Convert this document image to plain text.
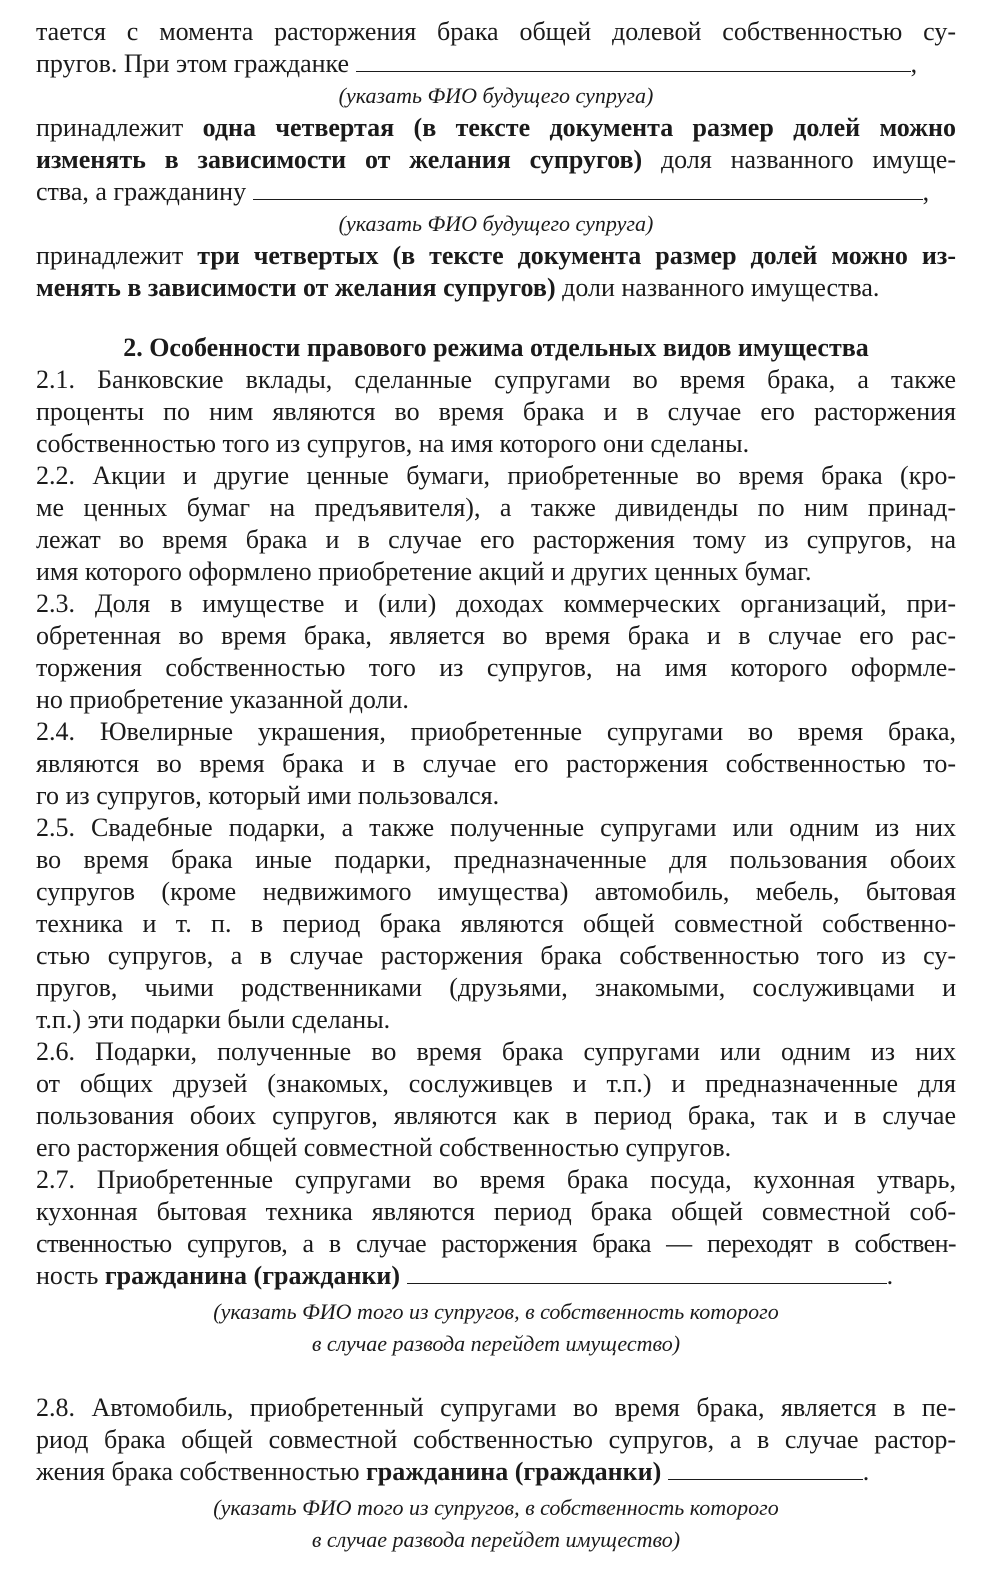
тается с момента расторжения брака общей долевой собственностью су-
пругов. При этом гражданке	,
(указать ФИО будущего супруга)
принадлежит одна четвертая (в тексте документа размер долей можно
изменять в зависимости от желания супругов) доля названного имуще-
ства, а гражданину	,
(указать ФИО будущего супруга)
принадлежит три четвертых (в тексте документа размер долей можно из-
менять в зависимости от желания супругов) доли названного имущества.
2. Особенности правового режима отдельных видов имущества
2.1. Банковские вклады, сделанные супругами во время брака, а также
проценты по ним являются во время брака и в случае его расторжения
собственностью того из супругов, на имя которого они сделаны.
2.2. Акции и другие ценные бумаги, приобретенные во время брака (кро-
ме ценных бумаг на предъявителя), а также дивиденды по ним принад-
лежат во время брака и в случае его расторжения тому из супругов, на
имя которого оформлено приобретение акций и других ценных бумаг.
2.3. Доля в имуществе и (или) доходах коммерческих организаций, при-
обретенная во время брака, является во время брака и в случае его рас-
торжения собственностью того из супругов, на имя которого оформле-
но приобретение указанной доли.
2.4. Ювелирные украшения, приобретенные супругами во время брака,
являются во время брака и в случае его расторжения собственностью то-
го из супругов, который ими пользовался.
2.5. Свадебные подарки, а также полученные супругами или одним из них
во время брака иные подарки, предназначенные для пользования обоих
супругов (кроме недвижимого имущества) автомобиль, мебель, бытовая
техника и т. п. в период брака являются общей совместной собственно-
стью супругов, а в случае расторжения брака собственностью того из су-
пругов, чьими родственниками (друзьями, знакомыми, сослуживцами и
т.п.) эти подарки были сделаны.
2.6. Подарки, полученные во время брака супругами или одним из них
от общих друзей (знакомых, сослуживцев и т.п.) и предназначенные для
пользования обоих супругов, являются как в период брака, так и в случае
его расторжения общей совместной собственностью супругов.
2.7. Приобретенные супругами во время брака посуда, кухонная утварь,
кухонная бытовая техника являются период брака общей совместной соб-
ственностью супругов, а в случае расторжения брака — переходят в собствен-
ность гражданина (гражданки)	.
(указать ФИО того из супругов, в собственность которого
в случае развода перейдет имущество)
2.8. Автомобиль, приобретенный супругами во время брака, является в пе-
риод брака общей совместной собственностью супругов, а в случае растор-
жения брака собственностью гражданина (гражданки)	.
(указать ФИО того из супругов, в собственность которого
в случае развода перейдет имущество)
